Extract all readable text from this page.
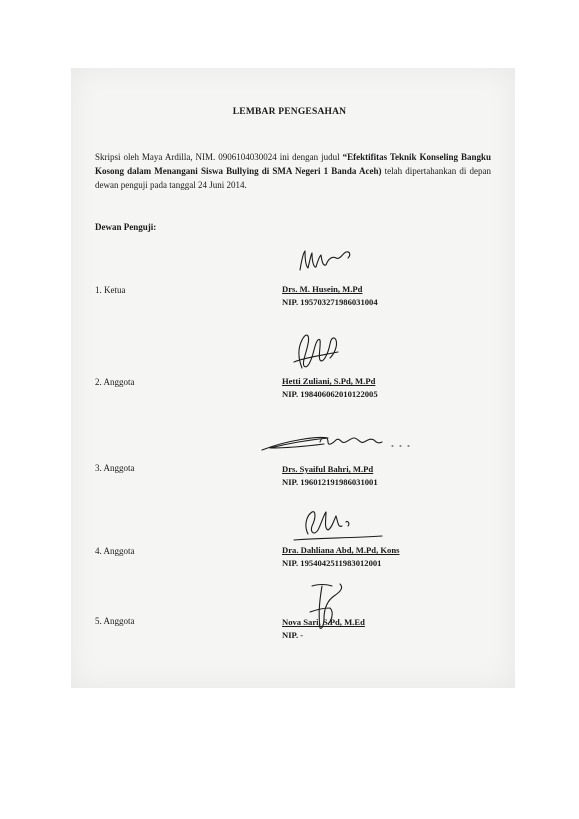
LEMBAR PENGESAHAN
Skripsi oleh Maya Ardilla, NIM. 0906104030024 ini dengan judul “Efektifitas Teknik Konseling Bangku Kosong dalam Menangani Siswa Bullying di SMA Negeri 1 Banda Aceh) telah dipertahankan di depan dewan penguji pada tanggal 24 Juni 2014.
Dewan Penguji:
1. Ketua	Drs. M. Husein, M.Pd
NIP. 195703271986031004
2. Anggota	Hetti Zuliani, S.Pd, M.Pd
NIP. 198406062010122005
3. Anggota	Drs. Syaiful Bahri, M.Pd
NIP. 196012191986031001
4. Anggota	Dra. Dahliana Abd, M.Pd, Kons
NIP. 1954042511983012001
5. Anggota	Nova Sari, S.Pd, M.Ed
NIP. -
